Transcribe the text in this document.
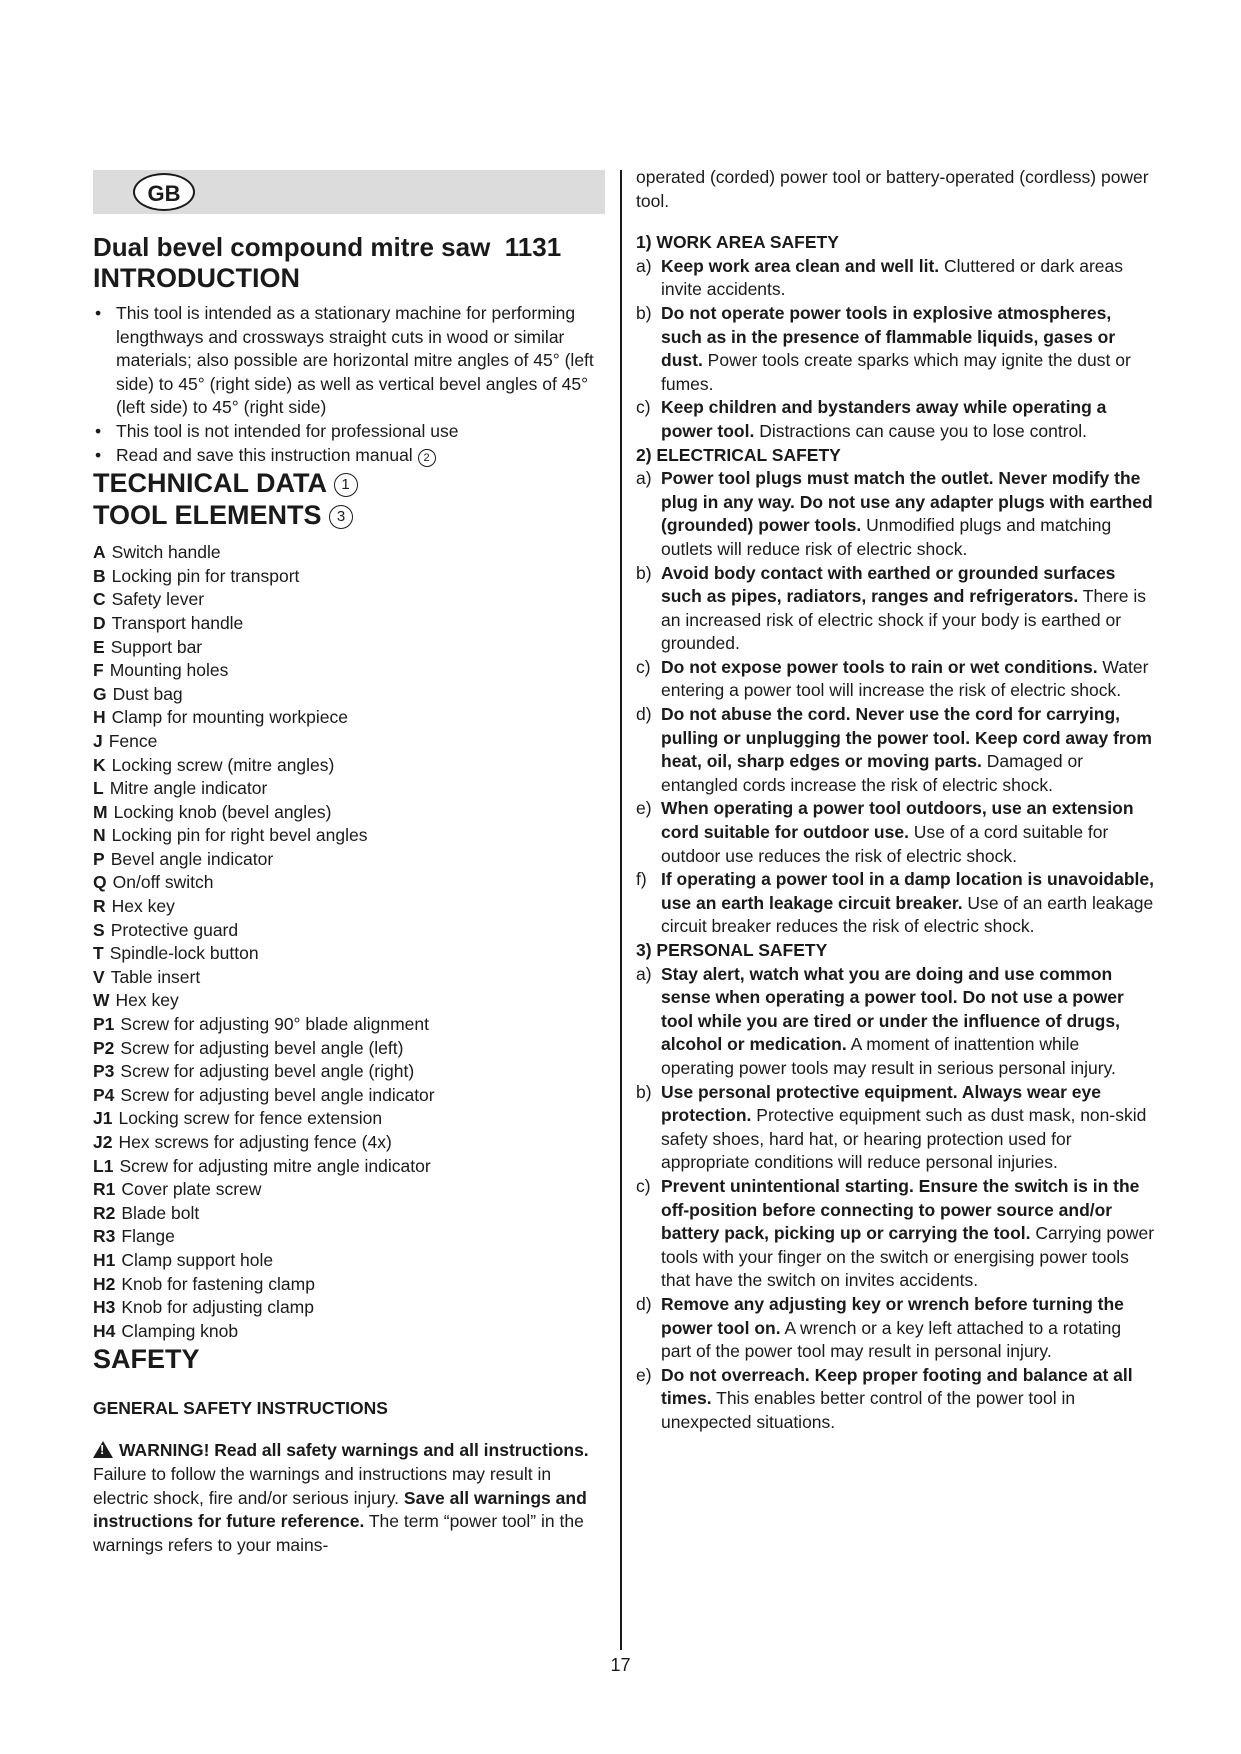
GB
Dual bevel compound mitre saw  1131
INTRODUCTION
• This tool is intended as a stationary machine for performing lengthways and crossways straight cuts in wood or similar materials; also possible are horizontal mitre angles of 45° (left side) to 45° (right side) as well as vertical bevel angles of 45° (left side) to 45° (right side)
• This tool is not intended for professional use
• Read and save this instruction manual 2
TECHNICAL DATA 1
TOOL ELEMENTS 3
A Switch handle
B Locking pin for transport
C Safety lever
D Transport handle
E Support bar
F Mounting holes
G Dust bag
H Clamp for mounting workpiece
J Fence
K Locking screw (mitre angles)
L Mitre angle indicator
M Locking knob (bevel angles)
N Locking pin for right bevel angles
P Bevel angle indicator
Q On/off switch
R Hex key
S Protective guard
T Spindle-lock button
V Table insert
W Hex key
P1 Screw for adjusting 90° blade alignment
P2 Screw for adjusting bevel angle (left)
P3 Screw for adjusting bevel angle (right)
P4 Screw for adjusting bevel angle indicator
J1 Locking screw for fence extension
J2 Hex screws for adjusting fence (4x)
L1 Screw for adjusting mitre angle indicator
R1 Cover plate screw
R2 Blade bolt
R3 Flange
H1 Clamp support hole
H2 Knob for fastening clamp
H3 Knob for adjusting clamp
H4 Clamping knob
SAFETY
GENERAL SAFETY INSTRUCTIONS
!WARNING! Read all safety warnings and all instructions. Failure to follow the warnings and instructions may result in electric shock, fire and/or serious injury. Save all warnings and instructions for future reference. The term “power tool” in the warnings refers to your mains-

operated (corded) power tool or battery-operated (cordless) power tool.

1) WORK AREA SAFETY
a) Keep work area clean and well lit. Cluttered or dark areas invite accidents.
b) Do not operate power tools in explosive atmospheres, such as in the presence of flammable liquids, gases or dust. Power tools create sparks which may ignite the dust or fumes.
c) Keep children and bystanders away while operating a power tool. Distractions can cause you to lose control.
2) ELECTRICAL SAFETY
a) Power tool plugs must match the outlet. Never modify the plug in any way. Do not use any adapter plugs with earthed (grounded) power tools. Unmodified plugs and matching outlets will reduce risk of electric shock.
b) Avoid body contact with earthed or grounded surfaces such as pipes, radiators, ranges and refrigerators. There is an increased risk of electric shock if your body is earthed or grounded.
c) Do not expose power tools to rain or wet conditions. Water entering a power tool will increase the risk of electric shock.
d) Do not abuse the cord. Never use the cord for carrying, pulling or unplugging the power tool. Keep cord away from heat, oil, sharp edges or moving parts. Damaged or entangled cords increase the risk of electric shock.
e) When operating a power tool outdoors, use an extension cord suitable for outdoor use. Use of a cord suitable for outdoor use reduces the risk of electric shock.
f) If operating a power tool in a damp location is unavoidable, use an earth leakage circuit breaker. Use of an earth leakage circuit breaker reduces the risk of electric shock.
3) PERSONAL SAFETY
a) Stay alert, watch what you are doing and use common sense when operating a power tool. Do not use a power tool while you are tired or under the influence of drugs, alcohol or medication. A moment of inattention while operating power tools may result in serious personal injury.
b) Use personal protective equipment. Always wear eye protection. Protective equipment such as dust mask, non-skid safety shoes, hard hat, or hearing protection used for appropriate conditions will reduce personal injuries.
c) Prevent unintentional starting. Ensure the switch is in the off-position before connecting to power source and/or battery pack, picking up or carrying the tool. Carrying power tools with your finger on the switch or energising power tools that have the switch on invites accidents.
d) Remove any adjusting key or wrench before turning the power tool on. A wrench or a key left attached to a rotating part of the power tool may result in personal injury.
e) Do not overreach. Keep proper footing and balance at all times. This enables better control of the power tool in unexpected situations.
17
